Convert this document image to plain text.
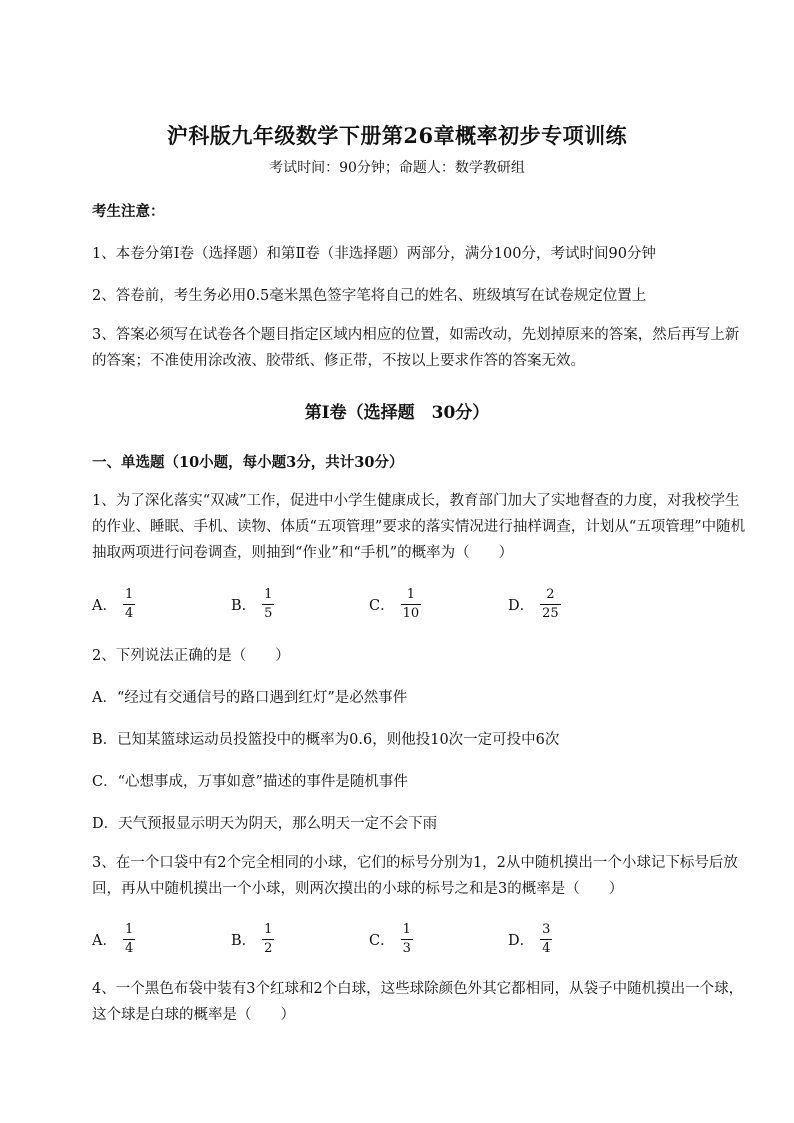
沪科版九年级数学下册第26章概率初步专项训练
考试时间：90分钟；命题人：数学教研组
考生注意：
1、本卷分第I卷（选择题）和第Ⅱ卷（非选择题）两部分，满分100分，考试时间90分钟
2、答卷前，考生务必用0.5毫米黑色签字笔将自己的姓名、班级填写在试卷规定位置上
3、答案必须写在试卷各个题目指定区域内相应的位置，如需改动，先划掉原来的答案，然后再写上新的答案；不准使用涂改液、胶带纸、修正带，不按以上要求作答的答案无效。
第I卷（选择题　30分）
一、单选题（10小题，每小题3分，共计30分）
1、为了深化落实“双减”工作，促进中小学生健康成长，教育部门加大了实地督查的力度，对我校学生的作业、睡眠、手机、读物、体质“五项管理”要求的落实情况进行抽样调查，计划从“五项管理”中随机抽取两项进行问卷调查，则抽到“作业”和“手机”的概率为（　　）
A． $\frac{1}{4}$	B． $\frac{1}{5}$	C． $\frac{1}{10}$	D． $\frac{2}{25}$
2、下列说法正确的是（　　）
A．“经过有交通信号的路口遇到红灯”是必然事件
B．已知某篮球运动员投篮投中的概率为0.6，则他投10次一定可投中6次
C．“心想事成，万事如意”描述的事件是随机事件
D．天气预报显示明天为阴天，那么明天一定不会下雨
3、在一个口袋中有2个完全相同的小球，它们的标号分别为1，2从中随机摸出一个小球记下标号后放回，再从中随机摸出一个小球，则两次摸出的小球的标号之和是3的概率是（　　）
A． $\frac{1}{4}$	B． $\frac{1}{2}$	C． $\frac{1}{3}$	D． $\frac{3}{4}$
4、一个黑色布袋中装有3个红球和2个白球，这些球除颜色外其它都相同，从袋子中随机摸出一个球，这个球是白球的概率是（　　）
